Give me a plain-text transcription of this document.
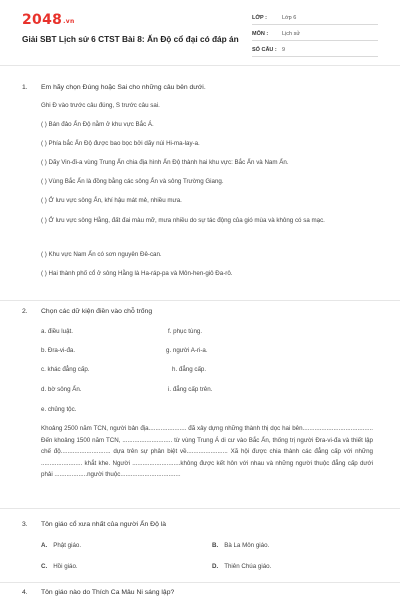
2048.vn
Giải SBT Lịch sử 6 CTST Bài 8: Ấn Độ cổ đại có đáp án
LỚP :	Lớp 6
MÔN :	Lịch sử
SỐ CÂU : 9
1. Em hãy chọn Đúng hoặc Sai cho những câu bên dưới.
Ghi Đ vào trước câu đúng, S trước câu sai.
( ) Bán đảo Ấn Độ nằm ở khu vực Bắc Á.
( ) Phía bắc Ấn Độ được bao bọc bởi dãy núi Hi-ma-lay-a.
( ) Dãy Vin-đi-a vùng Trung Ấn chia địa hình Ấn Độ thành hai khu vực: Bắc Ấn và Nam Ấn.
( ) Vùng Bắc Ấn là đồng bằng các sông Ấn và sông Trường Giang.
( ) Ở lưu vực sông Ấn, khí hậu mát mẻ, nhiều mưa.
( ) Ở lưu vực sông Hằng, đất đai màu mỡ, mưa nhiều do sự tác động của gió mùa và không có sa mạc.
( ) Khu vực Nam Ấn có sơn nguyên Đê-can.
( ) Hai thành phố cổ ở sông Hằng là Ha-ráp-pa và Môn-hen-giô Đa-rô.
2. Chọn các dữ kiện điền vào chỗ trống
a. điều luật.
b. Đra-vi-đa.
c. khác đẳng cấp.
d. bờ sông Ấn.
e. chủng tộc.
f. phục tùng.
g. người A-ri-a.
h. đẳng cấp.
i. đẳng cấp trên.
Khoảng 2500 năm TCN, người bản địa...................... đã xây dựng những thành thị dọc hai bên......................................... Đến khoảng 1500 năm TCN, ............................. từ vùng Trung Á di cư vào Bắc Ấn, thống trị người Đra-vi-đa và thiết lập chế độ............................. dựa trên sự phân biệt về........................ Xã hội được chia thành các đẳng cấp với những ........................ khắt khe. Người ............................không được kết hôn với nhau và những người thuộc đẳng cấp dưới phải ...................người thuộc...................................
3. Tôn giáo cổ xưa nhất của người Ấn Độ là
A. Phật giáo.	B. Bà La Môn giáo.
C. Hồi giáo.	D. Thiên Chúa giáo.
4. Tôn giáo nào do Thích Ca Mâu Ni sáng lập?
